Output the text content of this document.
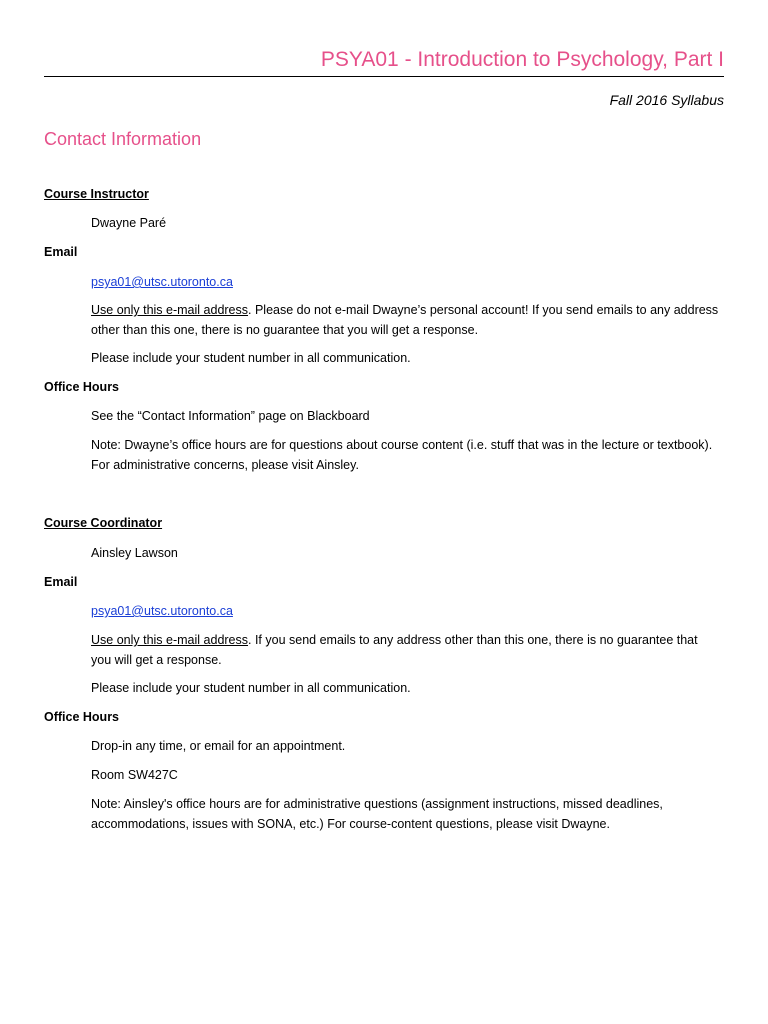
PSYA01 - Introduction to Psychology, Part I
Fall 2016 Syllabus
Contact Information
Course Instructor
Dwayne Paré
Email
psya01@utsc.utoronto.ca
Use only this e-mail address. Please do not e-mail Dwayne’s personal account! If you send emails to any address other than this one, there is no guarantee that you will get a response.
Please include your student number in all communication.
Office Hours
See the “Contact Information” page on Blackboard
Note: Dwayne’s office hours are for questions about course content (i.e. stuff that was in the lecture or textbook). For administrative concerns, please visit Ainsley.
Course Coordinator
Ainsley Lawson
Email
psya01@utsc.utoronto.ca
Use only this e-mail address. If you send emails to any address other than this one, there is no guarantee that you will get a response.
Please include your student number in all communication.
Office Hours
Drop-in any time, or email for an appointment.
Room SW427C
Note: Ainsley's office hours are for administrative questions (assignment instructions, missed deadlines, accommodations, issues with SONA, etc.) For course-content questions, please visit Dwayne.
